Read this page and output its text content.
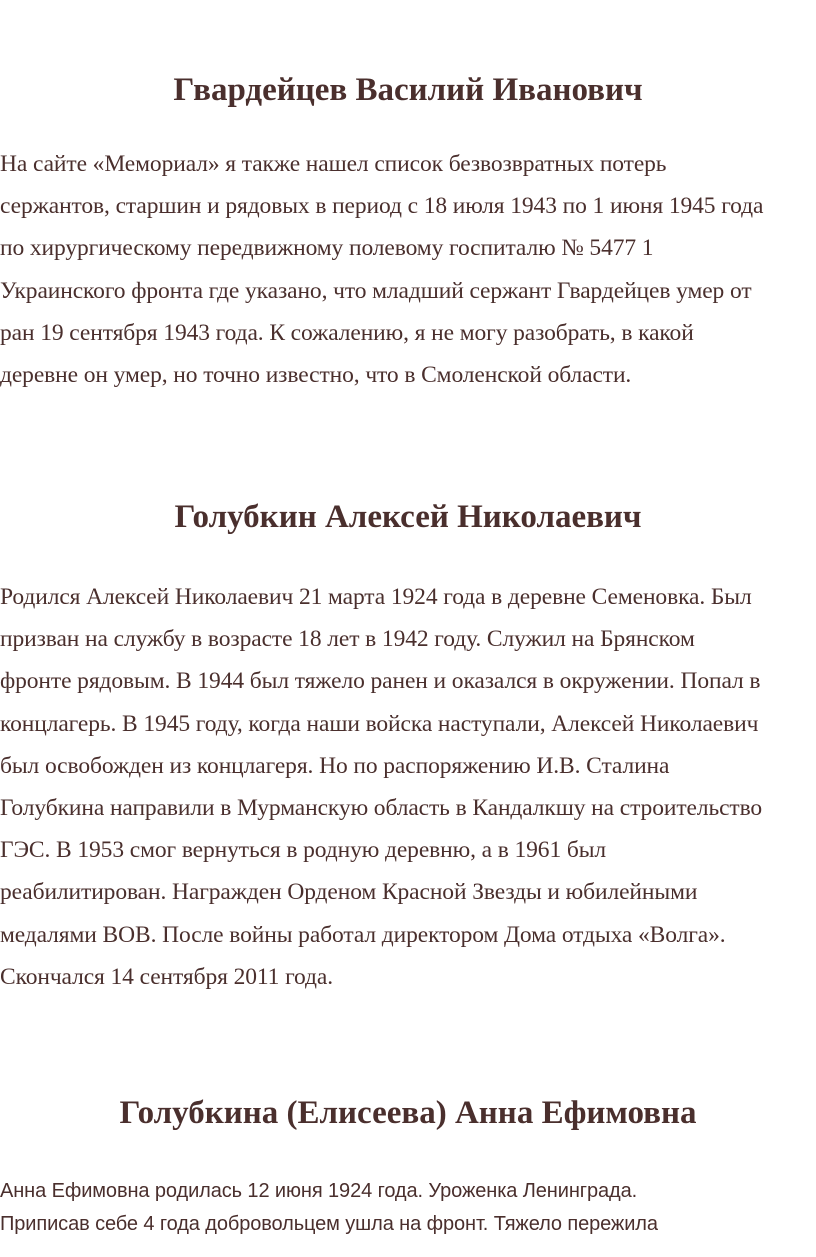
Гвардейцев Василий Иванович
На сайте «Мемориал» я также нашел список безвозвратных потерь
сержантов, старшин и рядовых в период с 18 июля 1943 по 1 июня 1945 года
по хирургическому передвижному полевому госпиталю № 5477 1
Украинского фронта где указано, что младший сержант Гвардейцев умер от
ран 19 сентября 1943 года. К сожалению, я не могу разобрать, в какой
деревне он умер, но точно известно, что в Смоленской области.
Голубкин Алексей Николаевич
Родился Алексей Николаевич 21 марта 1924 года в деревне Семеновка. Был
призван на службу в возрасте 18 лет в 1942 году. Служил на Брянском
фронте рядовым. В 1944 был тяжело ранен и оказался в окружении. Попал в
концлагерь. В 1945 году, когда наши войска наступали, Алексей Николаевич
был освобожден из концлагеря. Но по распоряжению И.В. Сталина
Голубкина направили в Мурманскую область в Кандалкшу на строительство
ГЭС. В 1953 смог вернуться в родную деревню, а в 1961 был
реабилитирован. Награжден Орденом Красной Звезды и юбилейными
медалями ВОВ. После войны работал директором Дома отдыха «Волга».
Скончался 14 сентября 2011 года.
Голубкина (Елисеева) Анна Ефимовна
Анна Ефимовна родилась 12 июня 1924 года. Уроженка Ленинграда.
Приписав себе 4 года добровольцем ушла на фронт. Тяжело пережила
